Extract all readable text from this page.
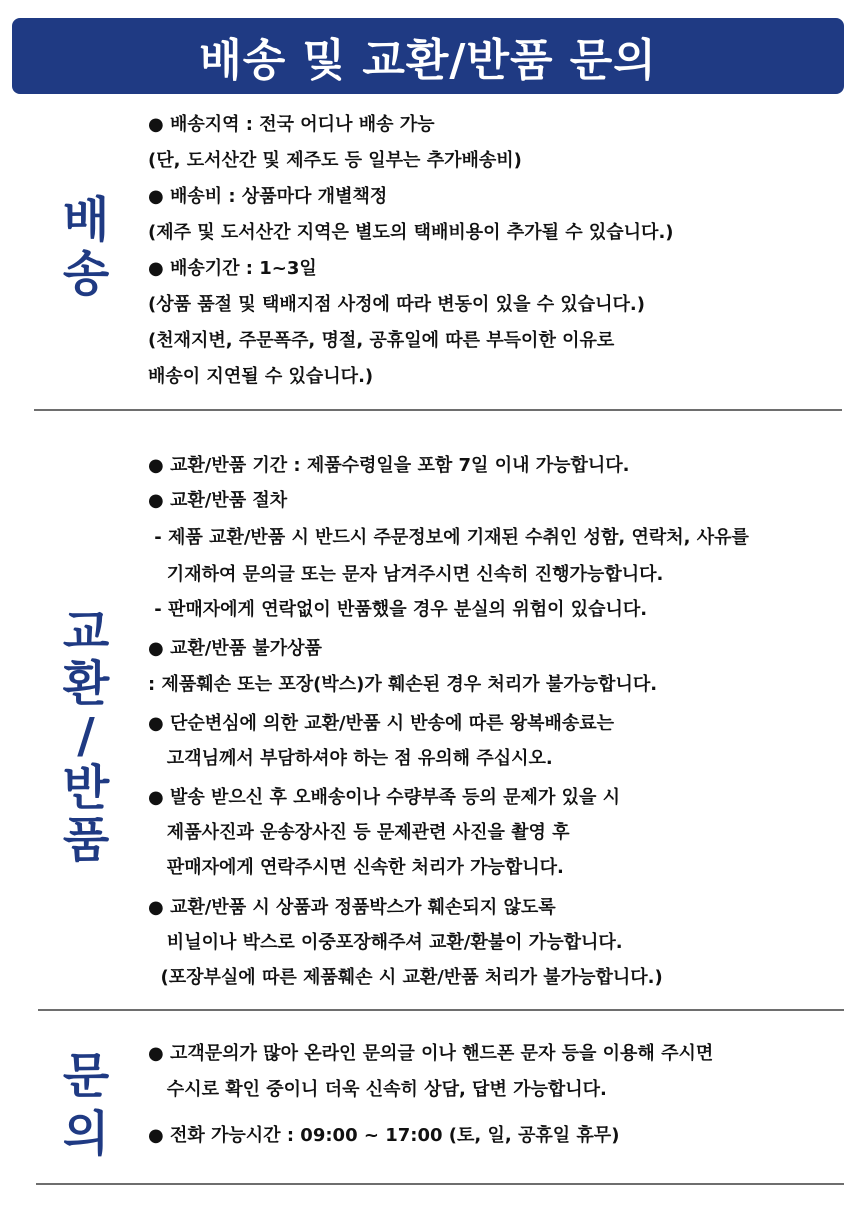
배송 및 교환/반품 문의
배
송
● 배송지역 : 전국 어디나 배송 가능
(단, 도서산간 및 제주도 등 일부는 추가배송비)
● 배송비 : 상품마다 개별책정
(제주 및 도서산간 지역은 별도의 택배비용이 추가될 수 있습니다.)
● 배송기간 : 1~3일
(상품 품절 및 택배지점 사정에 따라 변동이 있을 수 있습니다.)
(천재지변, 주문폭주, 명절, 공휴일에 따른 부득이한 이유로
배송이 지연될 수 있습니다.)
교
환
/
반
품
● 교환/반품 기간 : 제품수령일을 포함 7일 이내 가능합니다.
● 교환/반품 절차
- 제품 교환/반품 시 반드시 주문정보에 기재된 수취인 성함, 연락처, 사유를
기재하여 문의글 또는 문자 남겨주시면 신속히 진행가능합니다.
- 판매자에게 연락없이 반품했을 경우 분실의 위험이 있습니다.
● 교환/반품 불가상품
: 제품훼손 또는 포장(박스)가 훼손된 경우 처리가 불가능합니다.
● 단순변심에 의한 교환/반품 시 반송에 따른 왕복배송료는
고객님께서 부담하셔야 하는 점 유의해 주십시오.
● 발송 받으신 후 오배송이나 수량부족 등의 문제가 있을 시
제품사진과 운송장사진 등 문제관련 사진을 촬영 후
판매자에게 연락주시면 신속한 처리가 가능합니다.
● 교환/반품 시 상품과 정품박스가 훼손되지 않도록
비닐이나 박스로 이중포장해주셔 교환/환불이 가능합니다.
(포장부실에 따른 제품훼손 시 교환/반품 처리가 불가능합니다.)
문
의
● 고객문의가 많아 온라인 문의글 이나 핸드폰 문자 등을 이용해 주시면
수시로 확인 중이니 더욱 신속히 상담, 답변 가능합니다.
● 전화 가능시간 : 09:00 ~ 17:00 (토, 일, 공휴일 휴무)
